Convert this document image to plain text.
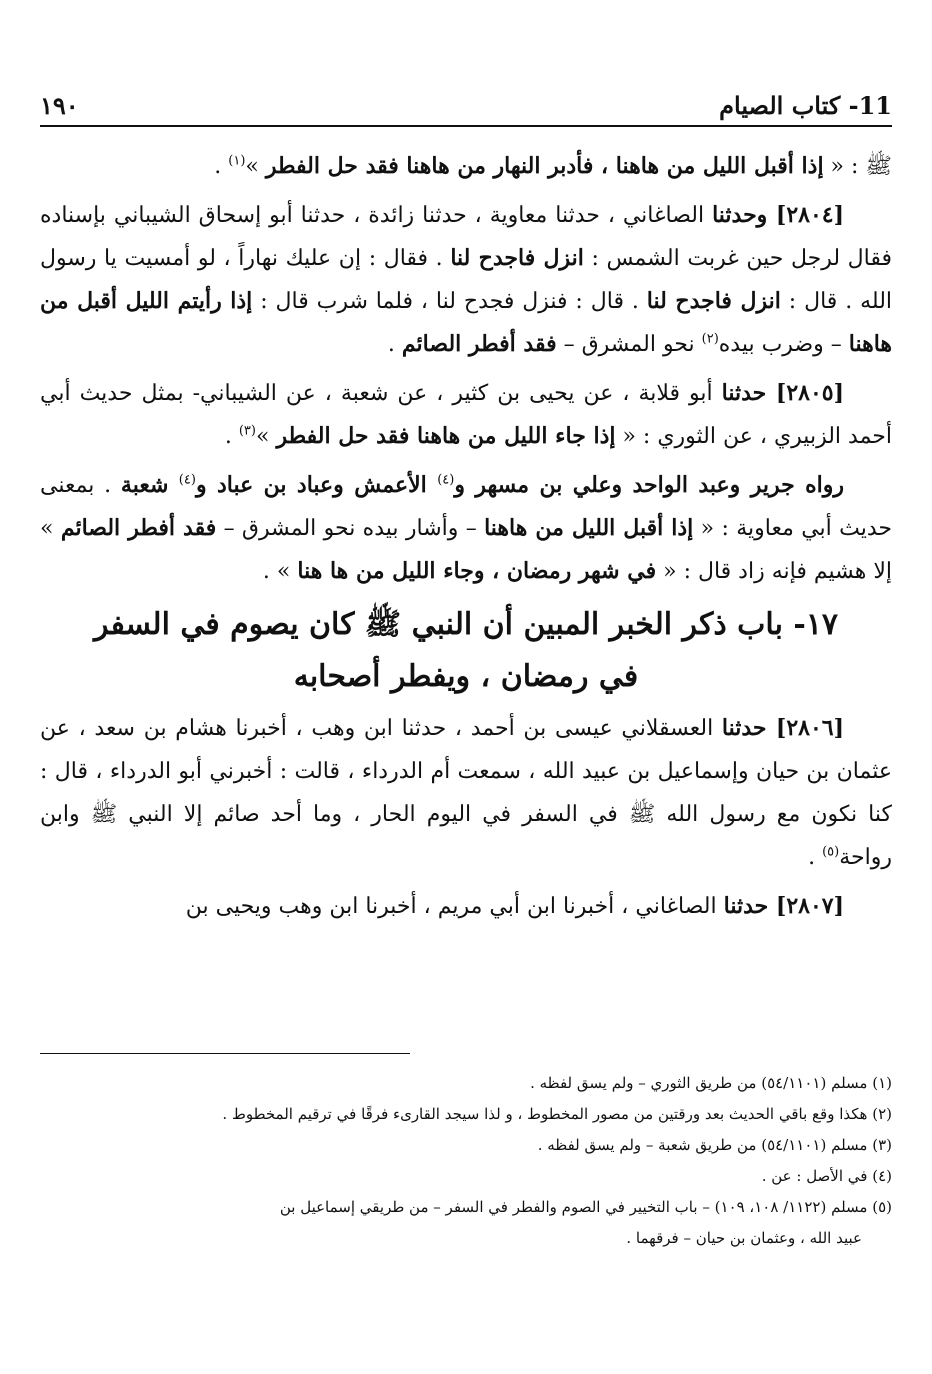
11- كتاب الصيام
١٩٠

ﷺ : « إذا أقبل الليل من هاهنا ، فأدبر النهار من هاهنا فقد حل الفطر »$^{(١)}$ .

[٢٨٠٤] وحدثنا الصاغاني ، حدثنا معاوية ، حدثنا زائدة ، حدثنا أبو إسحاق الشيباني بإسناده فقال لرجل حين غربت الشمس : انزل فاجدح لنا . فقال : إن عليك نهاراً ، لو أمسيت يا رسول الله . قال : انزل فاجدح لنا . قال : فنزل فجدح لنا ، فلما شرب قال : إذا رأيتم الليل أقبل من هاهنا – وضرب بيده$^{(٢)}$ نحو المشرق – فقد أفطر الصائم .

[٢٨٠٥] حدثنا أبو قلابة ، عن يحيى بن كثير ، عن شعبة ، عن الشيباني- بمثل حديث أبي أحمد الزبيري ، عن الثوري : « إذا جاء الليل من هاهنا فقد حل الفطر »$^{(٣)}$ .

رواه جرير وعبد الواحد وعلي بن مسهر و$^{(٤)}$ الأعمش وعباد بن عباد و$^{(٤)}$ شعبة . بمعنى حديث أبي معاوية : « إذا أقبل الليل من هاهنا – وأشار بيده نحو المشرق – فقد أفطر الصائم » إلا هشيم فإنه زاد قال : « في شهر رمضان ، وجاء الليل من ها هنا » .

١٧- باب ذكر الخبر المبين أن النبي ﷺ كان يصوم في السفر
في رمضان ، ويفطر أصحابه

[٢٨٠٦] حدثنا العسقلاني عيسى بن أحمد ، حدثنا ابن وهب ، أخبرنا هشام بن سعد ، عن عثمان بن حيان وإسماعيل بن عبيد الله ، سمعت أم الدرداء ، قالت : أخبرني أبو الدرداء ، قال : كنا نكون مع رسول الله ﷺ في السفر في اليوم الحار ، وما أحد صائم إلا النبي ﷺ وابن رواحة$^{(٥)}$ .

[٢٨٠٧] حدثنا الصاغاني ، أخبرنا ابن أبي مريم ، أخبرنا ابن وهب ويحيى بن

(١) مسلم (٥٤/١١٠١) من طريق الثوري – ولم يسق لفظه .
(٢) هكذا وقع باقي الحديث بعد ورقتين من مصور المخطوط ، و لذا سيجد القارىء فرقًا في ترقيم المخطوط .
(٣) مسلم (٥٤/١١٠١) من طريق شعبة – ولم يسق لفظه .
(٤) في الأصل : عن .
(٥) مسلم (١١٢٢/ ١٠٨، ١٠٩) – باب التخيير في الصوم والفطر في السفر – من طريقي إسماعيل بن
عبيد الله ، وعثمان بن حيان – فرقهما .
